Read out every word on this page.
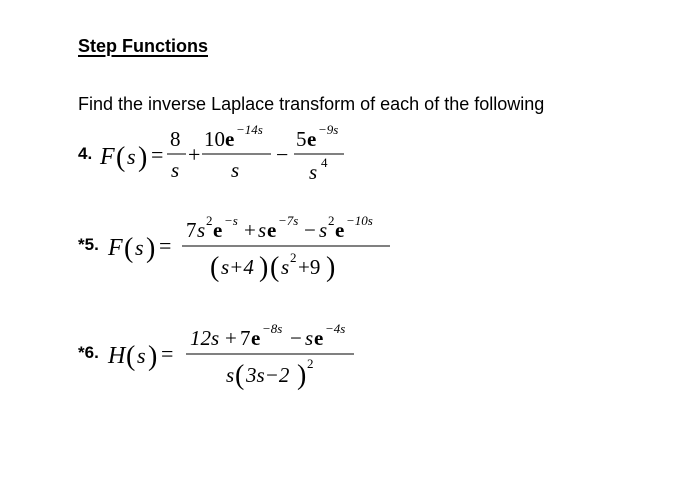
Step Functions
Find the inverse Laplace transform of each of the following
4. F ( s ) =
8
s
+
10 e −14s
s
−
5 e −9s
s 4
*5. F ( s ) =
7 s 2 e −s + s e −7s − s 2 e −10s
( s+4 ) ( s 2 +9 )
*6. H ( s ) =
12s + 7 e −8s − s e −4s
s ( 3s−2 ) 2
